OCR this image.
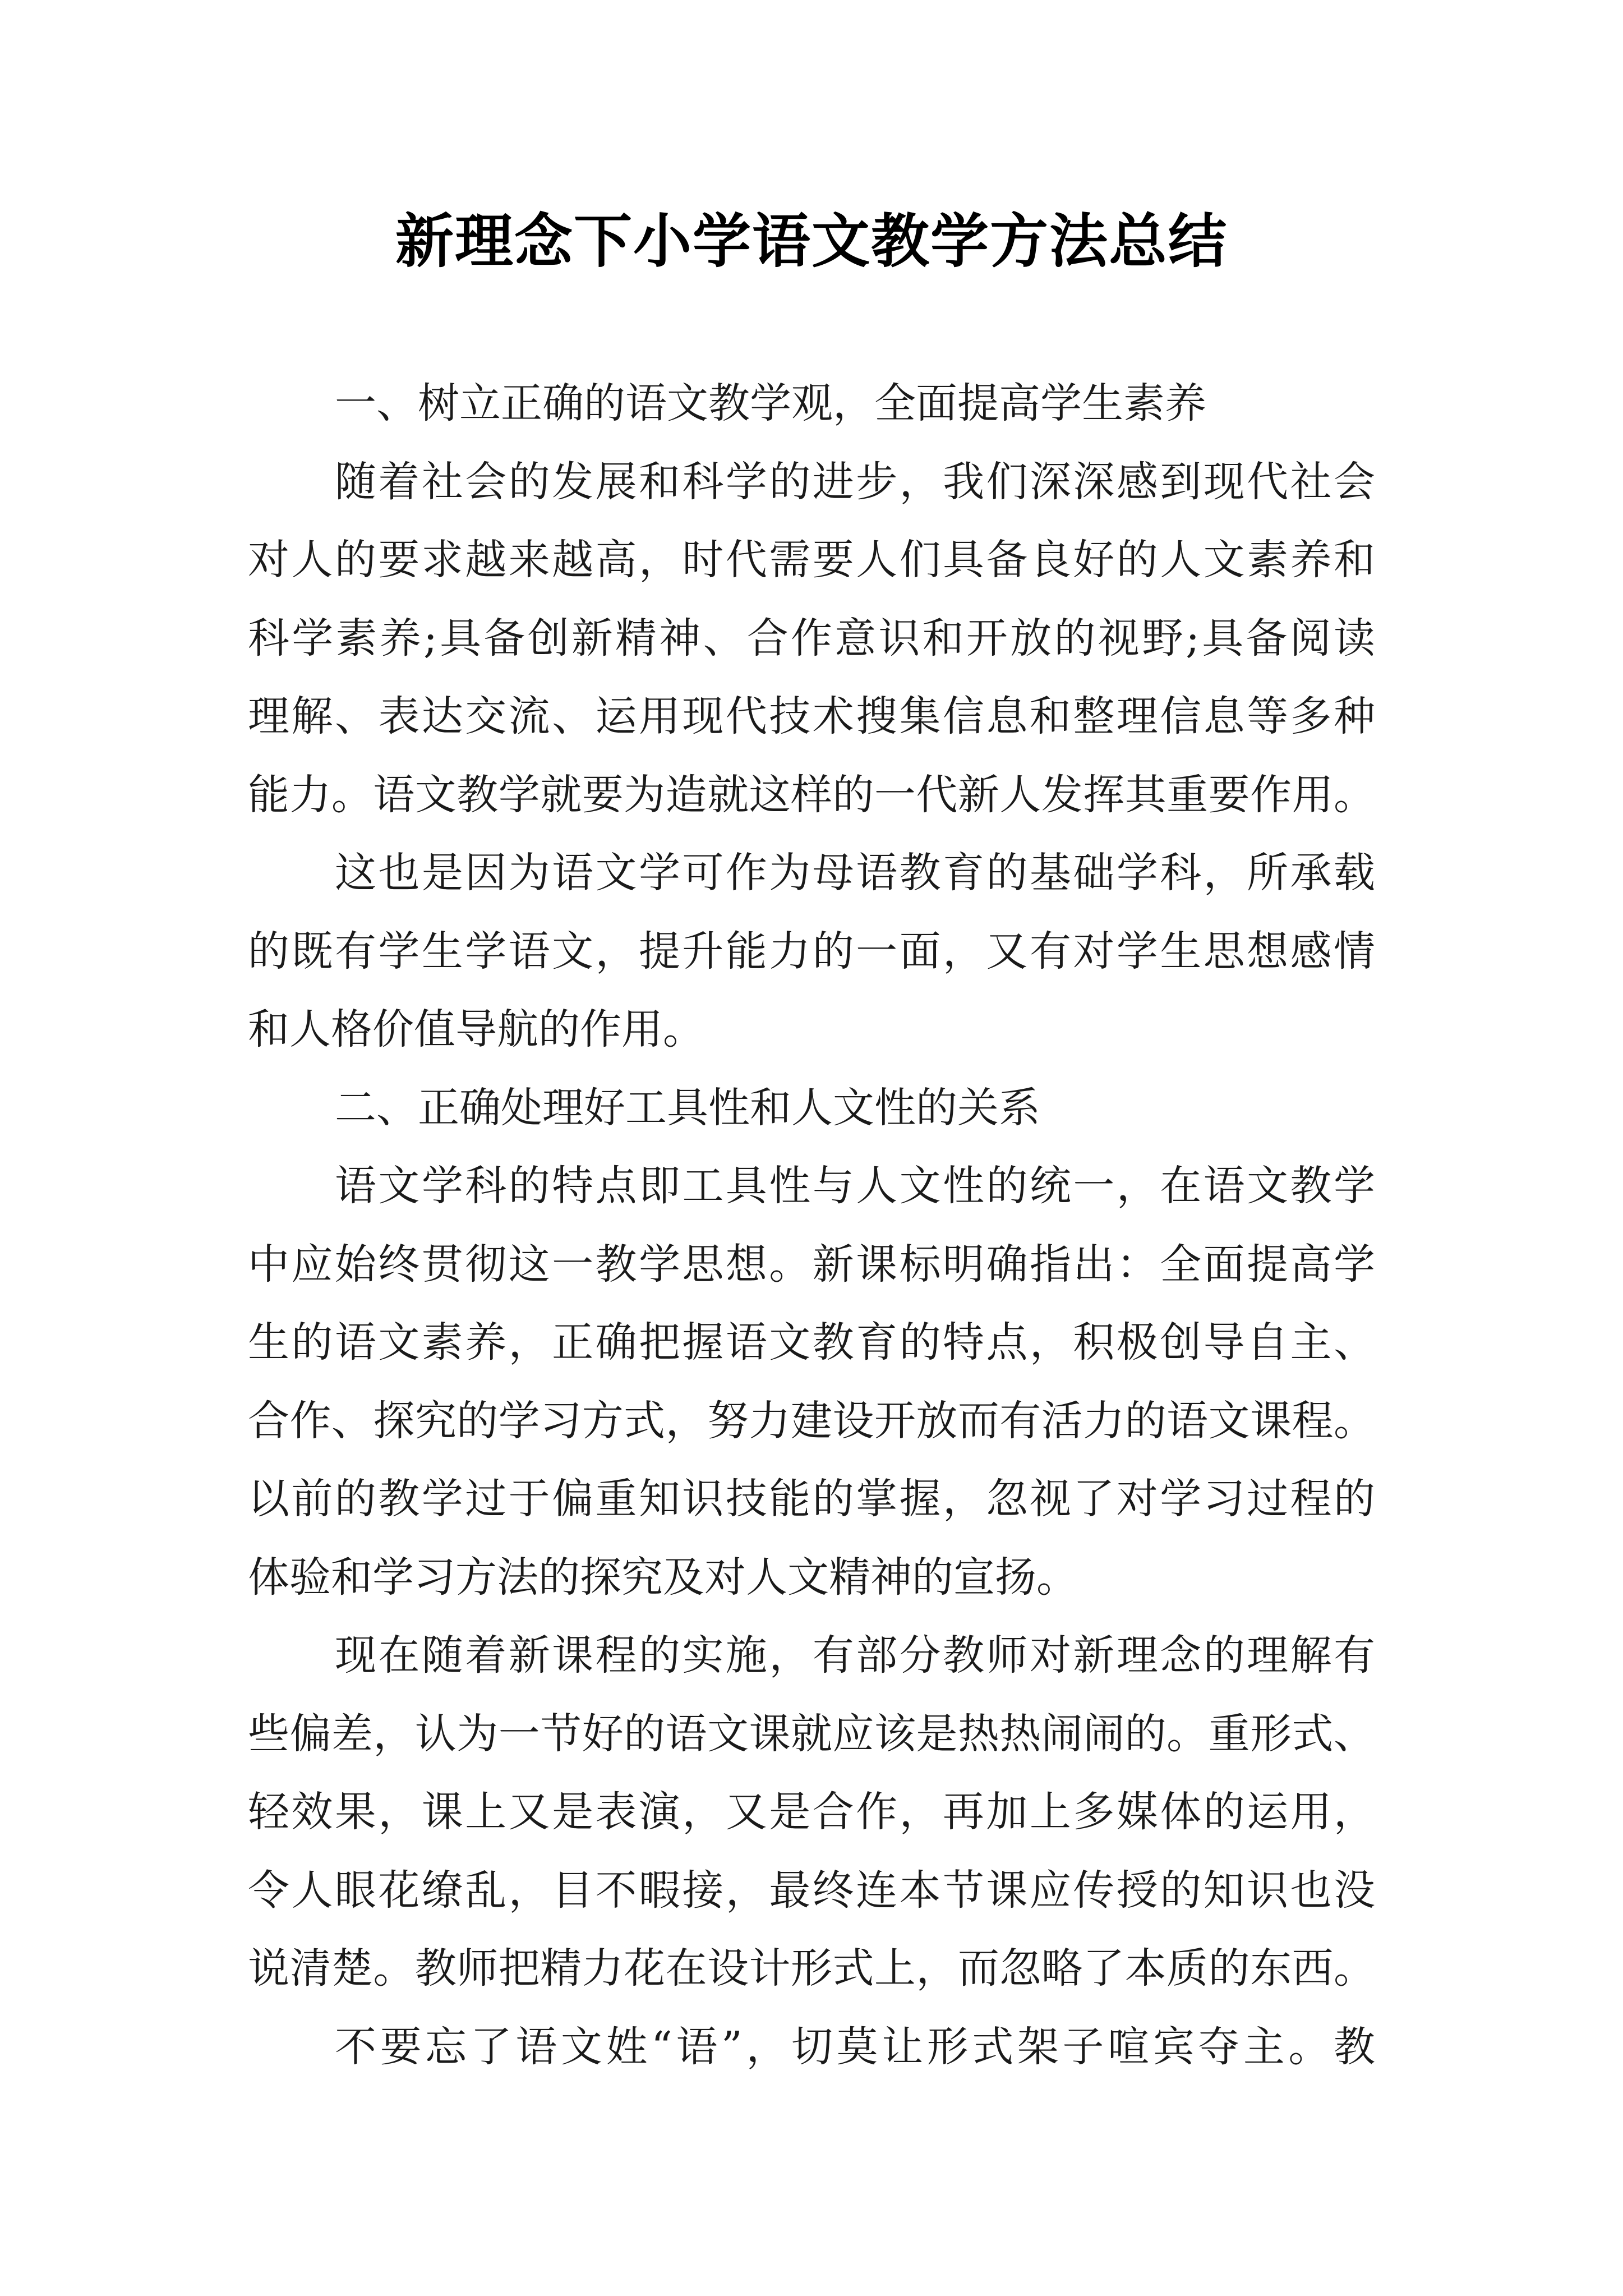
新理念下小学语文教学方法总结
一、树立正确的语文教学观，全面提高学生素养
随着社会的发展和科学的进步，我们深深感到现代社会
对人的要求越来越高，时代需要人们具备良好的人文素养和
科学素养;具备创新精神、合作意识和开放的视野;具备阅读
理解、表达交流、运用现代技术搜集信息和整理信息等多种
能力。语文教学就要为造就这样的一代新人发挥其重要作用。
这也是因为语文学可作为母语教育的基础学科，所承载
的既有学生学语文，提升能力的一面，又有对学生思想感情
和人格价值导航的作用。
二、正确处理好工具性和人文性的关系
语文学科的特点即工具性与人文性的统一，在语文教学
中应始终贯彻这一教学思想。新课标明确指出：全面提高学
生的语文素养，正确把握语文教育的特点，积极创导自主、
合作、探究的学习方式，努力建设开放而有活力的语文课程。
以前的教学过于偏重知识技能的掌握，忽视了对学习过程的
体验和学习方法的探究及对人文精神的宣扬。
现在随着新课程的实施，有部分教师对新理念的理解有
些偏差，认为一节好的语文课就应该是热热闹闹的。重形式、
轻效果，课上又是表演，又是合作，再加上多媒体的运用，
令人眼花缭乱，目不暇接，最终连本节课应传授的知识也没
说清楚。教师把精力花在设计形式上，而忽略了本质的东西。
不要忘了语文姓“语”，切莫让形式架子喧宾夺主。教
